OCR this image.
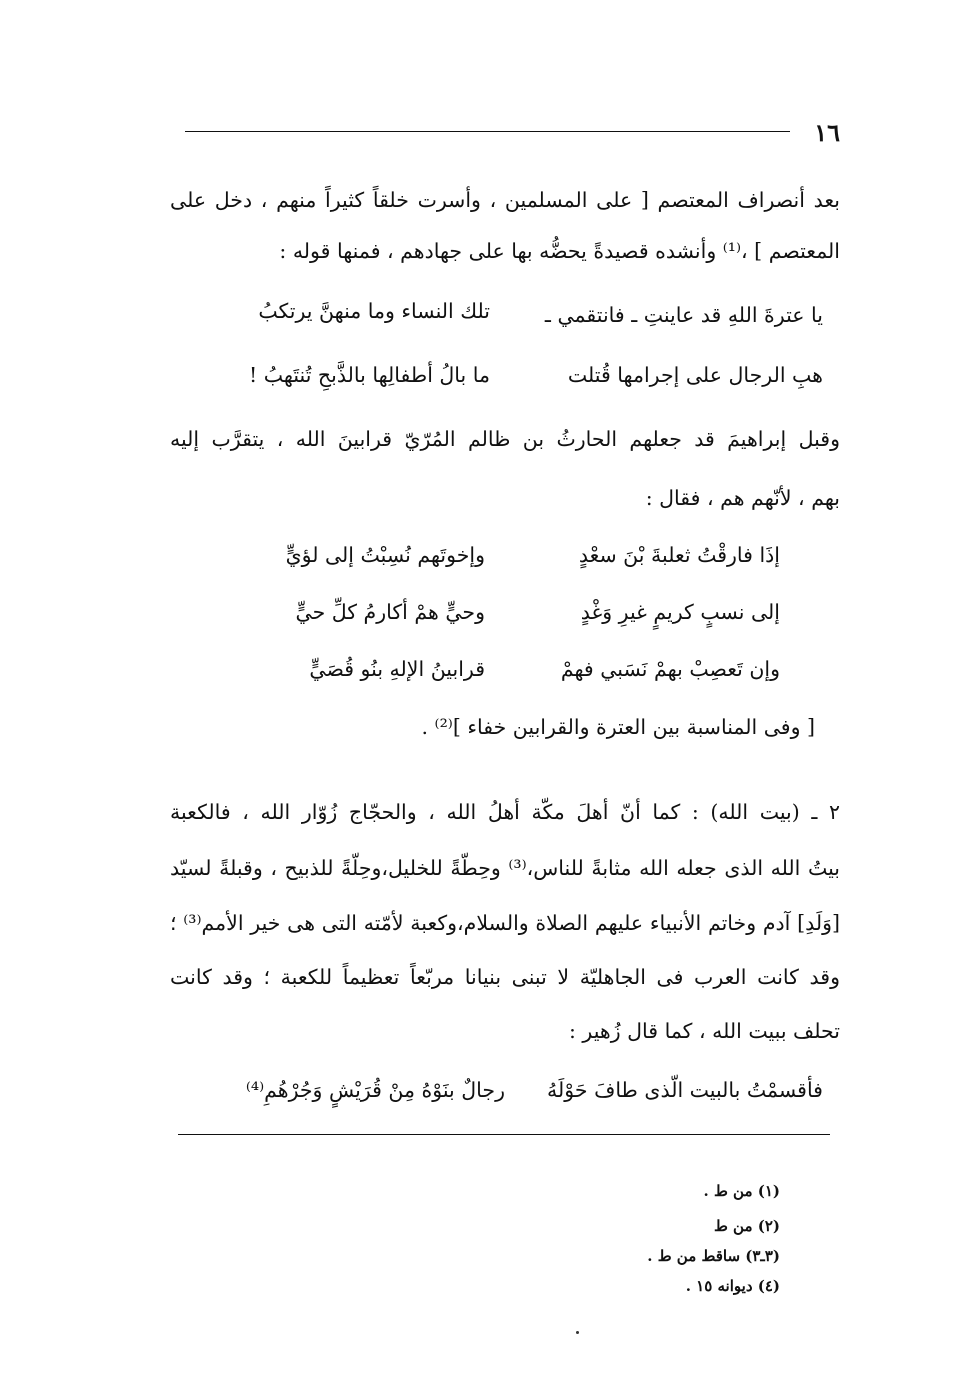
١٦
بعد أنصراف المعتصم [ على المسلمين ، وأسرت خلقاً كثيراً منهم ، دخل على
المعتصم ] ،⁽¹⁾ وأنشده قصيدةً يحضُّه بها على جهادهم ، فمنها قوله :
يا عترةَ اللهِ قد عاينتِ ـ فانتقمي ـ
تلك النساء وما منهنَّ يرتكبُ
هبِ الرجال على إجرامها قُتلت
ما بالُ أطفالِها بالذَّبحِ تُنتَهبُ !
وقبل إبراهيمَ قد جعلهم الحارثُ بن ظالم المُرّيّ قرابينَ الله ، يتقرَّب إليه
بهم ، لأنّهم هم ، فقال :
إذَا فارقْتُ ثعلبةَ بْنَ سعْدٍ
وإخوتَهم نُسِبْتُ إلى لؤيٍّ
إلى نسبٍ كريمٍ غيرِ وَغْدٍ
وحيٍّ همْ أكارمُ كلِّ حيٍّ
وإن تَعصِبْ بهمْ نَسَبي فهمْ
قرابينُ الإلهِ بنُو قُصَيٍّ
[ وفى المناسبة بين العترة والقرابين خفاء ]⁽²⁾ .
٢ ـ (بيت الله) : كما أنّ أهلَ مكّة أهلُ الله ، والحجّاج زُوّار الله ، فالكعبة
بيتُ الله الذى جعله الله مثابةً للناس،⁽³⁾ وحِطّةً للخليل،وحِلّةً للذبيح ، وقبلةً لسيّد
[وَلَدِ] آدم وخاتم الأنبياء عليهم الصلاة والسلام،وكعبة لأمّته التى هى خير الأمم⁽³⁾ ؛
وقد كانت العرب فى الجاهليّة لا تبنى بنيانا مربّعاً تعظيماً للكعبة ؛ وقد كانت
تحلف ببيت الله ، كما قال زُهير :
فأقسمْتُ بالبيت الّذى طافَ حَوْلَهُ
رجالٌ بنَوْهُ مِنْ قُرَيْشٍ وَجُرْهُمِ⁽⁴⁾
(١) من ط .
(٢) من ط
(٣ـ٣) ساقط من ط .
(٤) ديوانه ١٥ .
